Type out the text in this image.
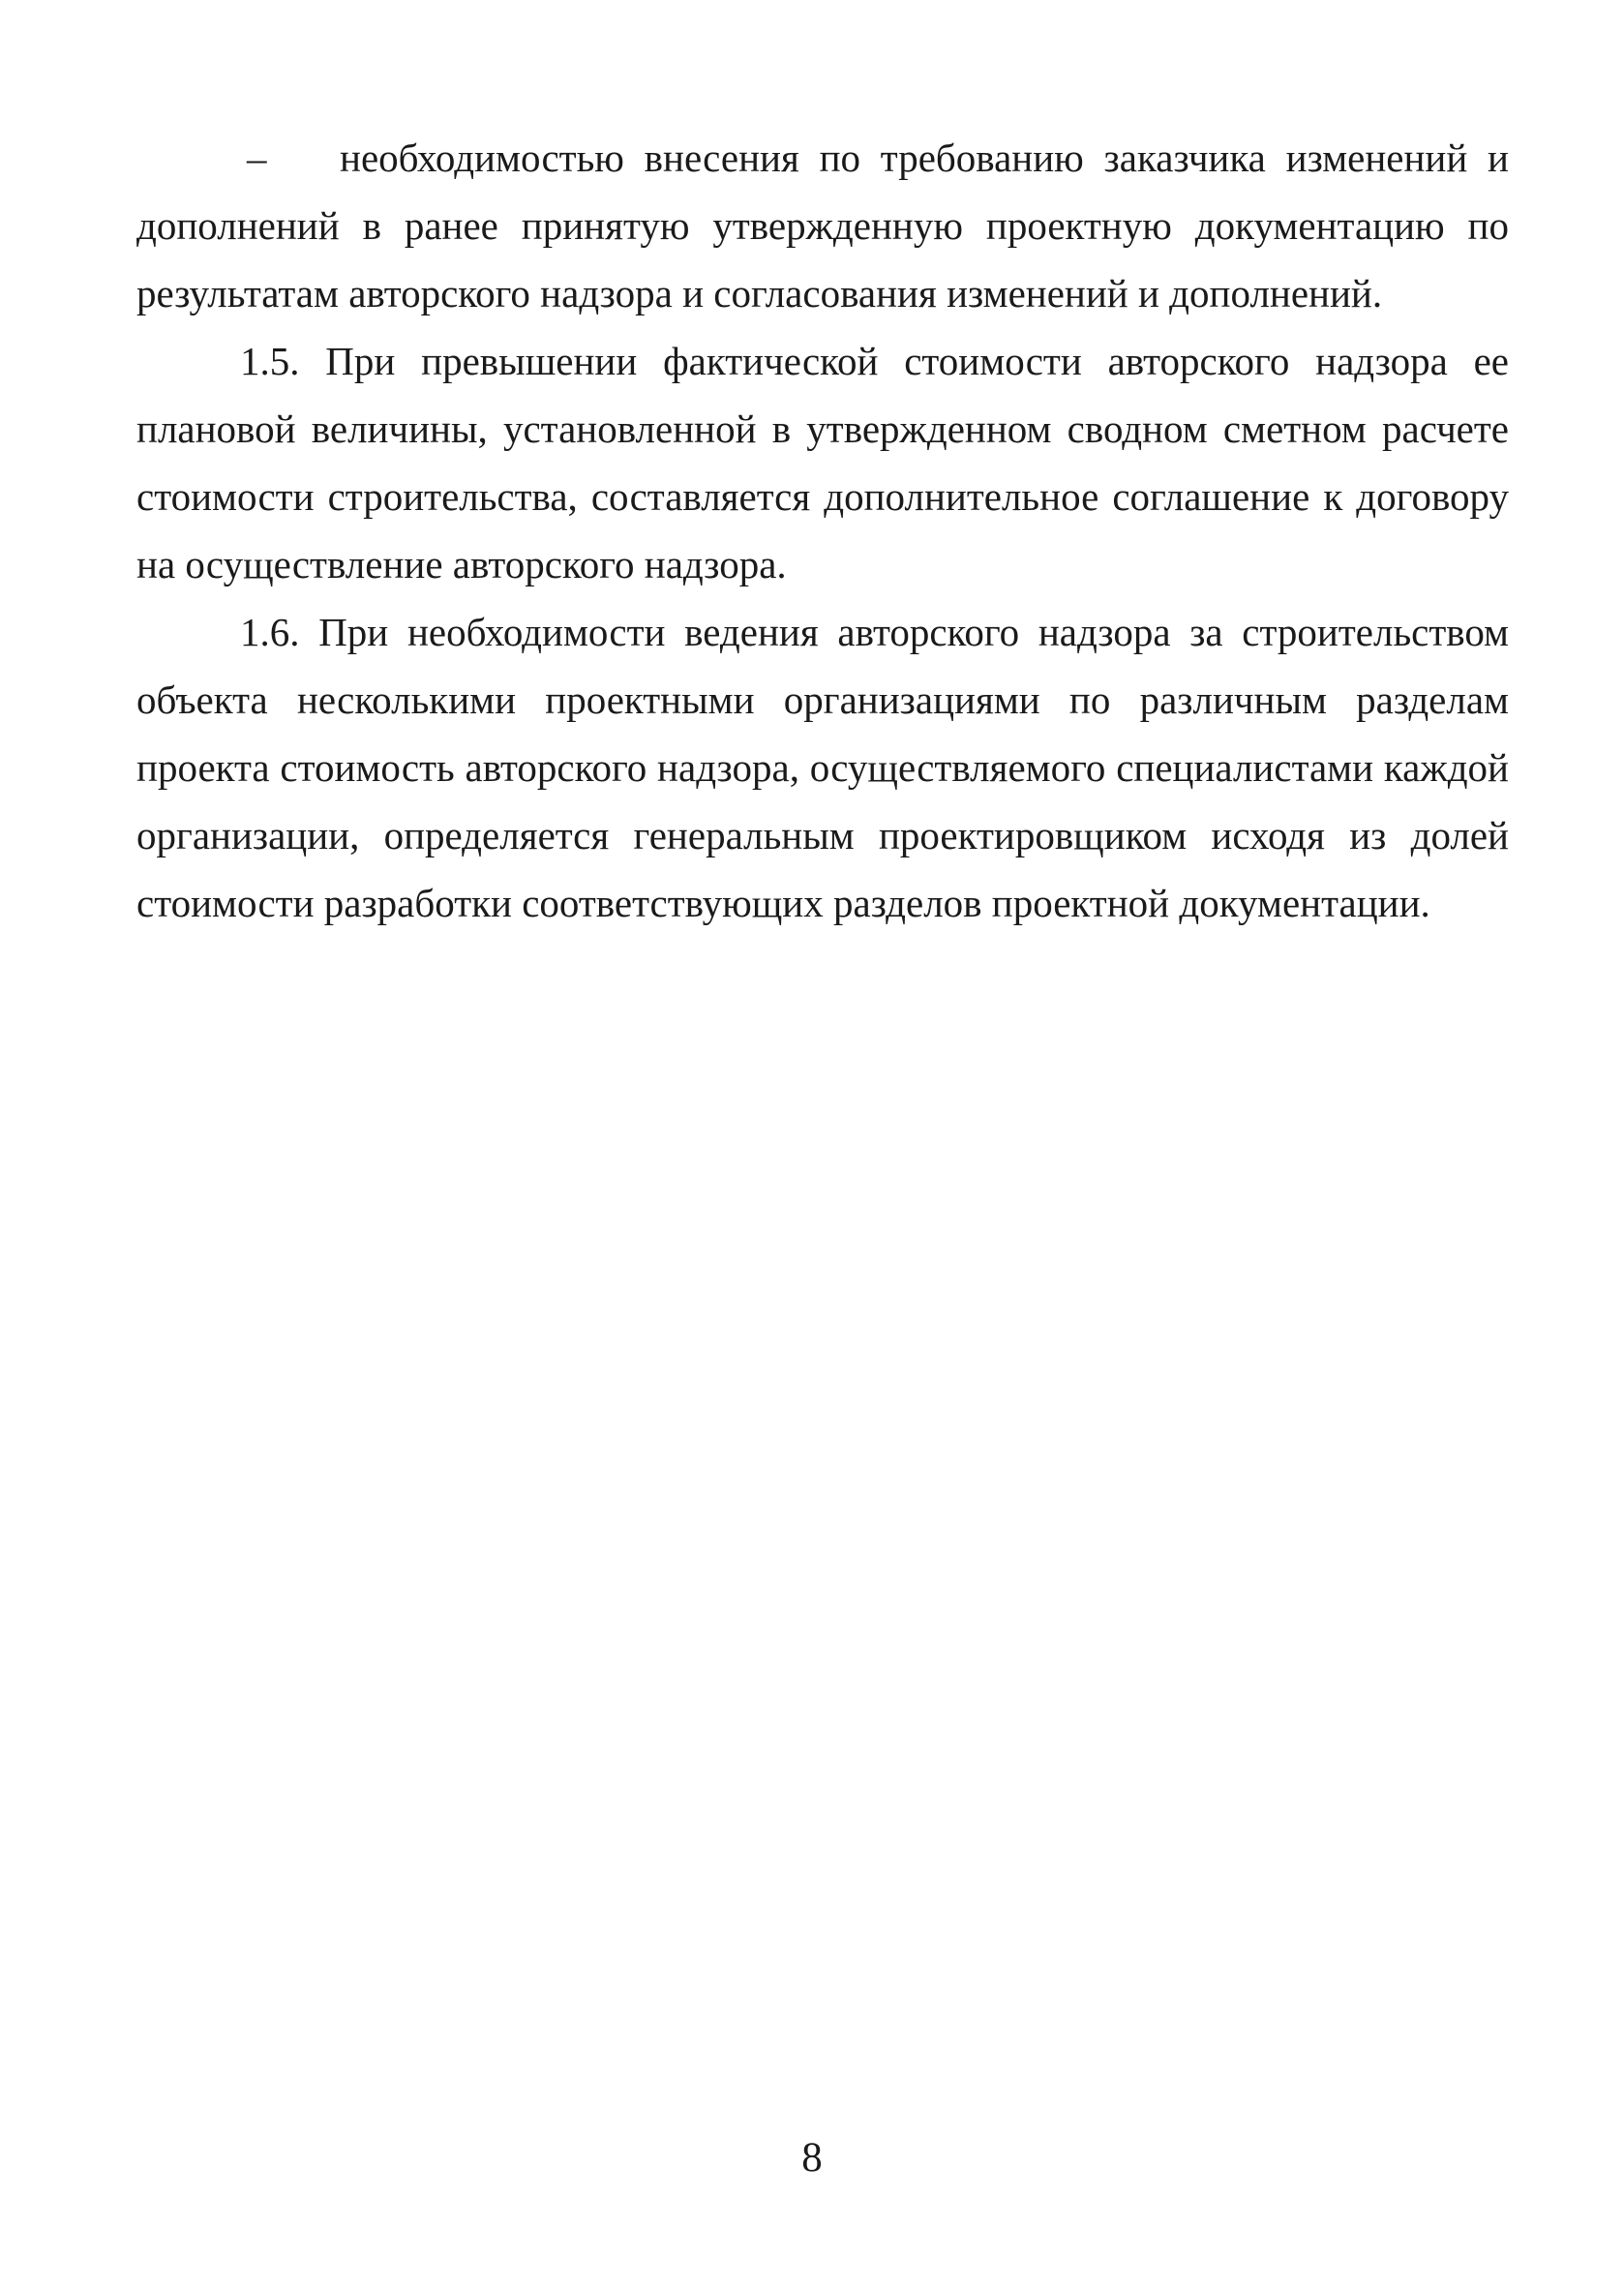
–	необходимостью внесения по требованию заказчика изменений и дополнений в ранее принятую утвержденную проектную документацию по результатам авторского надзора и согласования изменений и дополнений.

1.5. При превышении фактической стоимости авторского надзора ее плановой величины, установленной в утвержденном сводном сметном расчете стоимости строительства, составляется дополнительное соглашение к договору на осуществление авторского надзора.

1.6. При необходимости ведения авторского надзора за строительством объекта несколькими проектными организациями по различным разделам проекта стоимость авторского надзора, осуществляемого специалистами каждой организации, определяется генеральным проектировщиком исходя из долей стоимости разработки соответствующих разделов проектной документации.

8
